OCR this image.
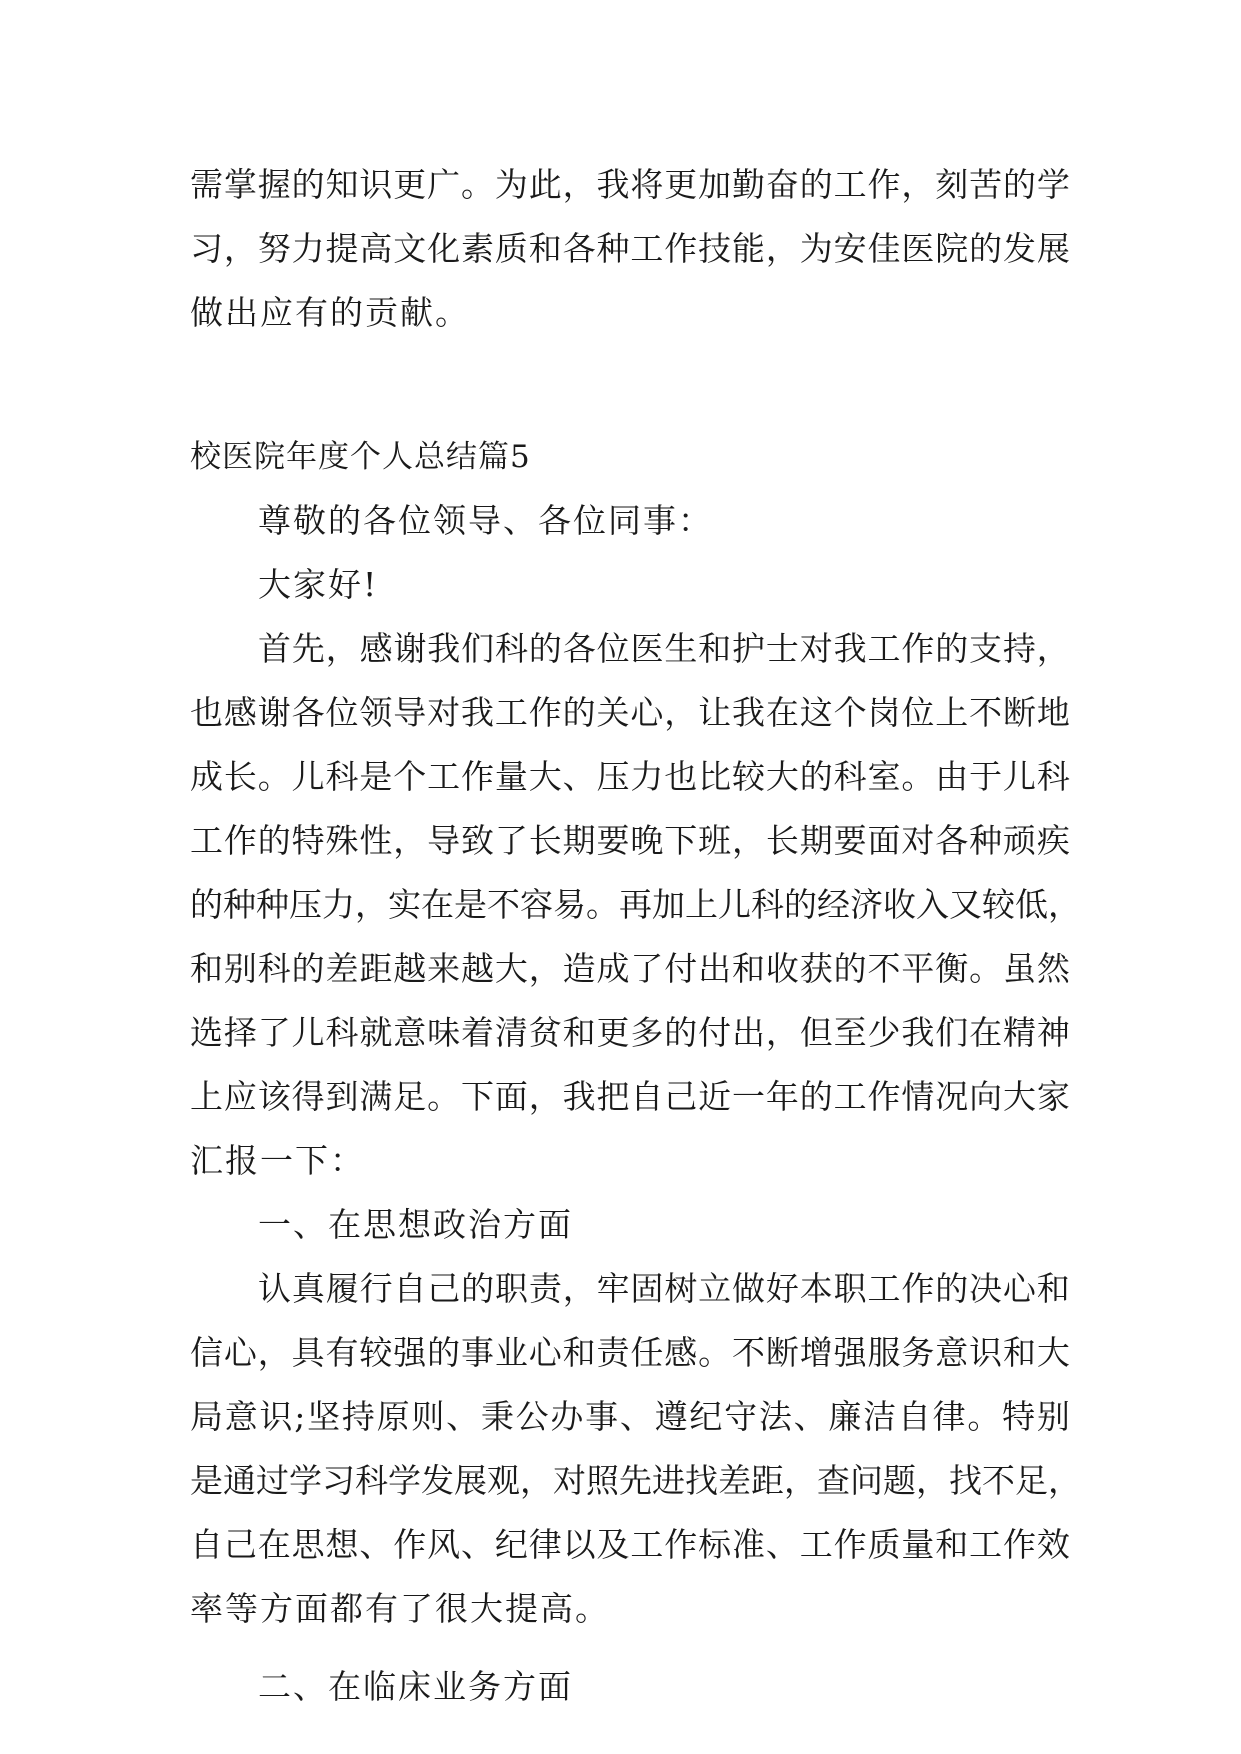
需 掌 握 的 知 识 更 广 。 为 此 ， 我 将 更 加 勤 奋 的 工 作 ， 刻 苦 的 学
习 ， 努 力 提 高 文 化 素 质 和 各 种 工 作 技 能 ， 为 安 佳 医 院 的 发 展
做出应有的贡献。
校医院年度个人总结篇5
尊敬的各位领导、各位同事：
大家好!
首 先 ， 感 谢 我 们 科 的 各 位 医 生 和 护 士 对 我 工 作 的 支 持 ，
也 感 谢 各 位 领 导 对 我 工 作 的 关 心 ， 让 我 在 这 个 岗 位 上 不 断 地
成 长 。 儿 科 是 个 工 作 量 大 、 压 力 也 比 较 大 的 科 室 。 由 于 儿 科
工 作 的 特 殊 性 ， 导 致 了 长 期 要 晚 下 班 ， 长 期 要 面 对 各 种 顽 疾
的 种 种 压 力 ， 实 在 是 不 容 易 。 再 加 上 儿 科 的 经 济 收 入 又 较 低 ，
和 别 科 的 差 距 越 来 越 大 ， 造 成 了 付 出 和 收 获 的 不 平 衡 。 虽 然
选 择 了 儿 科 就 意 味 着 清 贫 和 更 多 的 付 出 ， 但 至 少 我 们 在 精 神
上 应 该 得 到 满 足 。 下 面 ， 我 把 自 己 近 一 年 的 工 作 情 况 向 大 家
汇报一下：
一、在思想政治方面
认 真 履 行 自 己 的 职 责 ， 牢 固 树 立 做 好 本 职 工 作 的 决 心 和
信 心 ， 具 有 较 强 的 事 业 心 和 责 任 感 。 不 断 增 强 服 务 意 识 和 大
局 意 识 ; 坚 持 原 则 、 秉 公 办 事 、 遵 纪 守 法 、 廉 洁 自 律 。 特 别
是 通 过 学 习 科 学 发 展 观 ， 对 照 先 进 找 差 距 ， 查 问 题 ， 找 不 足 ，
自 己 在 思 想 、 作 风 、 纪 律 以 及 工 作 标 准 、 工 作 质 量 和 工 作 效
率等方面都有了很大提高。
二、在临床业务方面
